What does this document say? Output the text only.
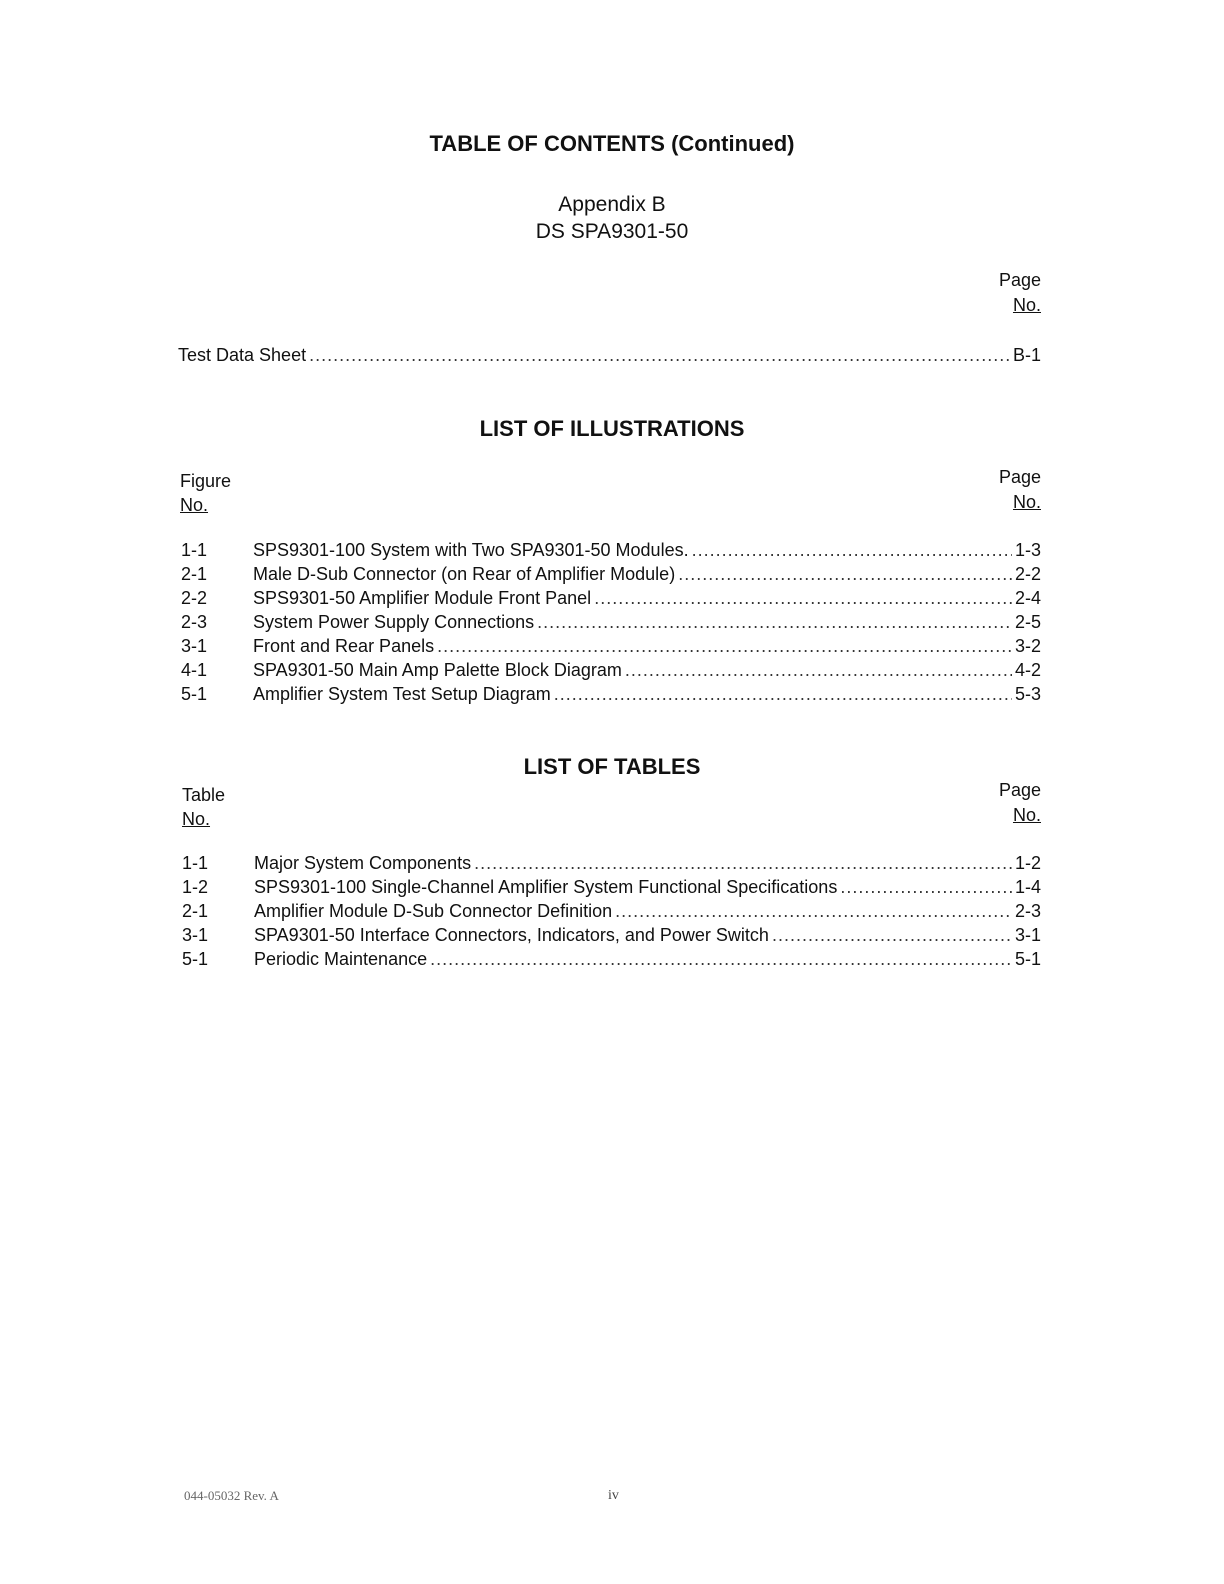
TABLE OF CONTENTS (Continued)
Appendix B
DS SPA9301-50
Page
No.
Test Data Sheet .....	B-1
LIST OF ILLUSTRATIONS
Figure
No.
Page
No.
1-1	SPS9301-100 System with Two SPA9301-50 Modules. .....	1-3
2-1	Male D-Sub Connector (on Rear of Amplifier Module) .....	2-2
2-2	SPS9301-50 Amplifier Module Front Panel .....	2-4
2-3	System Power Supply Connections .....	2-5
3-1	Front and Rear Panels .....	3-2
4-1	SPA9301-50 Main Amp Palette Block Diagram .....	4-2
5-1	Amplifier System Test Setup Diagram .....	5-3
LIST OF TABLES
Table
No.
Page
No.
1-1	Major System Components .....	1-2
1-2	SPS9301-100 Single-Channel Amplifier System Functional Specifications .....	1-4
2-1	Amplifier Module D-Sub Connector Definition .....	2-3
3-1	SPA9301-50 Interface Connectors, Indicators, and Power Switch .....	3-1
5-1	Periodic Maintenance .....	5-1
044-05032 Rev. A	iv
